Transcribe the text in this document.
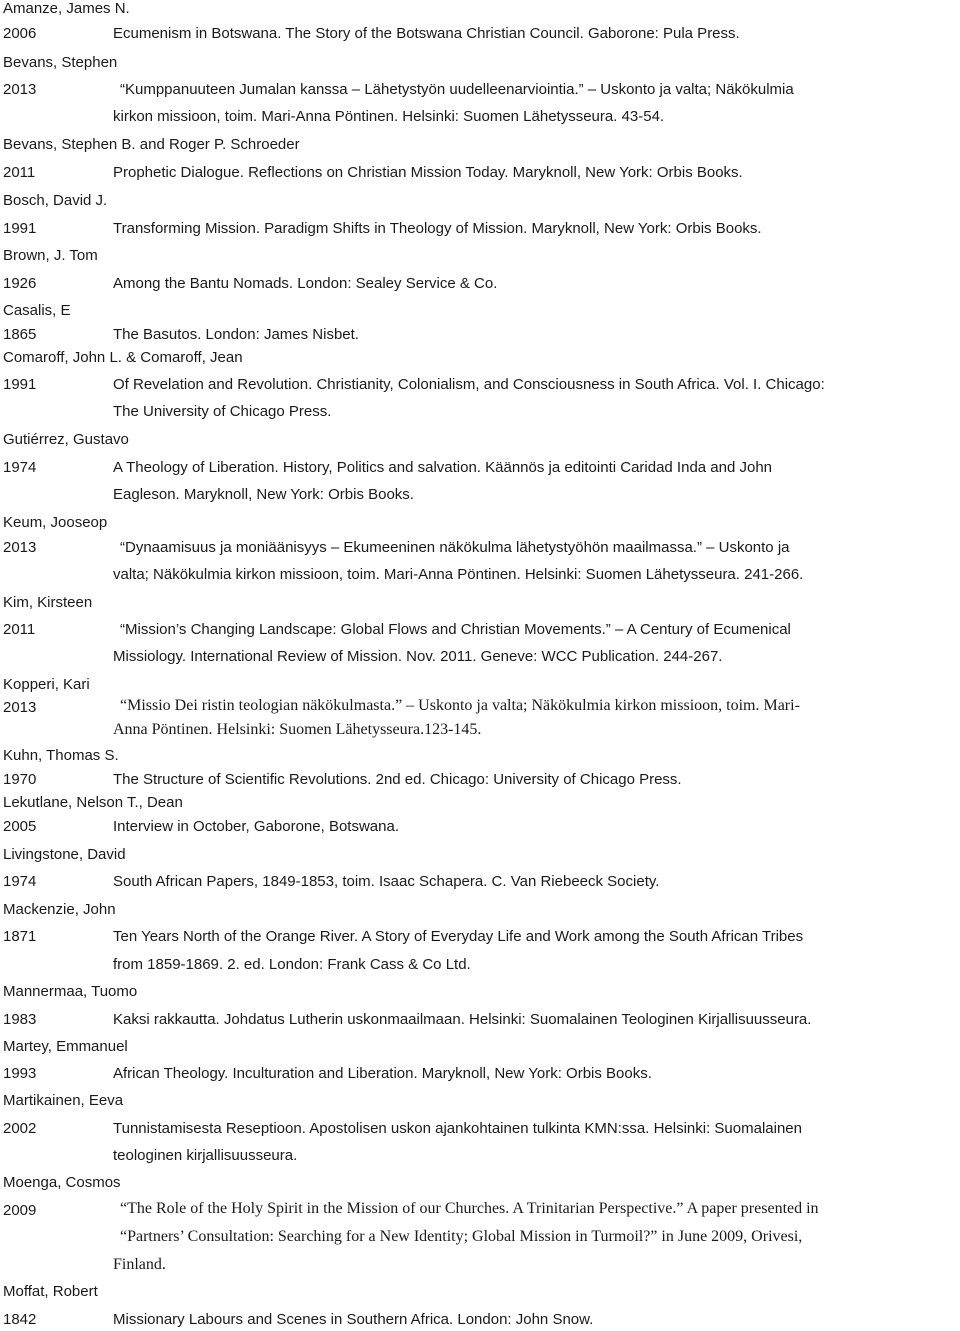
Amanze, James N.
2006	Ecumenism in Botswana. The Story of the Botswana Christian Council. Gaborone: Pula Press.
Bevans, Stephen
2013	“Kumppanuuteen Jumalan kanssa – Lähetystyön uudelleenarviointia.” – Uskonto ja valta; Näkökulmia
kirkon missioon, toim. Mari-Anna Pöntinen. Helsinki: Suomen Lähetysseura. 43-54.
Bevans, Stephen B. and Roger P. Schroeder
2011	Prophetic Dialogue. Reflections on Christian Mission Today. Maryknoll, New York: Orbis Books.
Bosch, David J.
1991	Transforming Mission. Paradigm Shifts in Theology of Mission. Maryknoll, New York: Orbis Books.
Brown, J. Tom
1926	Among the Bantu Nomads. London: Sealey Service & Co.
Casalis, E
1865	The Basutos. London: James Nisbet.
Comaroff, John L. & Comaroff, Jean
1991	Of Revelation and Revolution. Christianity, Colonialism, and Consciousness in South Africa. Vol. I. Chicago:
The University of Chicago Press.
Gutiérrez, Gustavo
1974	A Theology of Liberation. History, Politics and salvation. Käännös ja editointi Caridad Inda and John
Eagleson. Maryknoll, New York: Orbis Books.
Keum, Jooseop
2013	“Dynaamisuus ja moniäänisyys – Ekumeeninen näkökulma lähetystyöhön maailmassa.” – Uskonto ja
valta; Näkökulmia kirkon missioon, toim. Mari-Anna Pöntinen. Helsinki: Suomen Lähetysseura. 241-266.
Kim, Kirsteen
2011	“Mission’s Changing Landscape: Global Flows and Christian Movements.” – A Century of Ecumenical
Missiology. International Review of Mission. Nov. 2011. Geneve: WCC Publication. 244-267.
Kopperi, Kari
2013	“Missio Dei ristin teologian näkökulmasta.” – Uskonto ja valta; Näkökulmia kirkon missioon, toim. Mari-
Anna Pöntinen. Helsinki: Suomen Lähetysseura.123-145.
Kuhn, Thomas S.
1970	The Structure of Scientific Revolutions. 2nd ed. Chicago: University of Chicago Press.
Lekutlane, Nelson T., Dean
2005	Interview in October, Gaborone, Botswana.
Livingstone, David
1974	South African Papers, 1849-1853, toim. Isaac Schapera. C. Van Riebeeck Society.
Mackenzie, John
1871	Ten Years North of the Orange River. A Story of Everyday Life and Work among the South African Tribes
from 1859-1869. 2. ed. London: Frank Cass & Co Ltd.
Mannermaa, Tuomo
1983	Kaksi rakkautta. Johdatus Lutherin uskonmaailmaan. Helsinki: Suomalainen Teologinen Kirjallisuusseura.
Martey, Emmanuel
1993	African Theology. Inculturation and Liberation. Maryknoll, New York: Orbis Books.
Martikainen, Eeva
2002	Tunnistamisesta Reseptioon. Apostolisen uskon ajankohtainen tulkinta KMN:ssa. Helsinki: Suomalainen
teologinen kirjallisuusseura.
Moenga, Cosmos
2009	“The Role of the Holy Spirit in the Mission of our Churches. A Trinitarian Perspective.” A paper presented in
“Partners’ Consultation: Searching for a New Identity; Global Mission in Turmoil?” in June 2009, Orivesi,
Finland.
Moffat, Robert
1842	Missionary Labours and Scenes in Southern Africa. London: John Snow.
